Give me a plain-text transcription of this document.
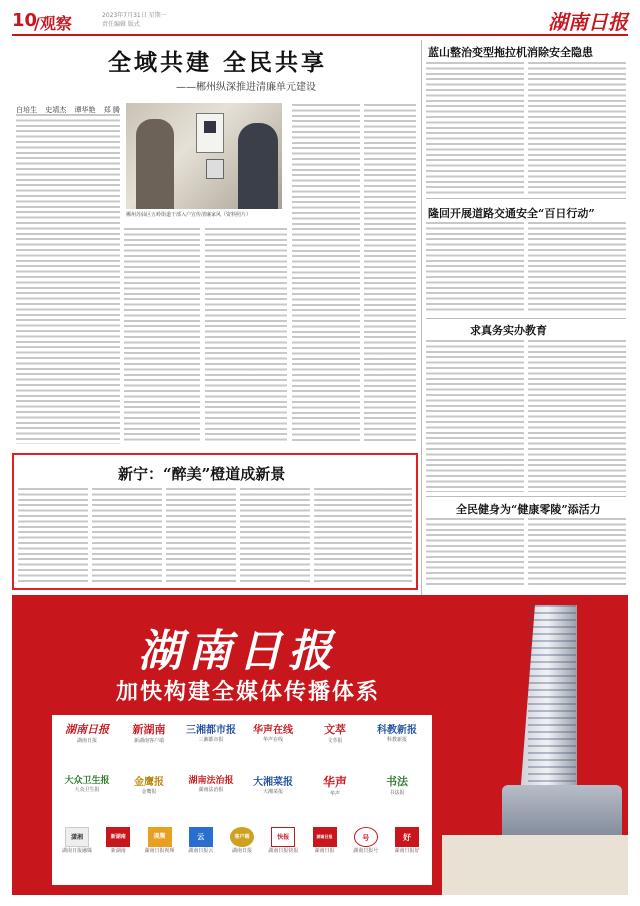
10
/观察	2023年7月31日 星期一
责任编辑 版式	湖南日报
全域共建 全民共享
——郴州纵深推进清廉单元建设
白培生 史靖杰 谭华艳 郑 腾
郴州苏仙区五岭街道干部入户宣传清廉家风（资料照片）
蓝山整治变型拖拉机消除安全隐患
隆回开展道路交通安全“百日行动”
求真务实办教育
全民健身为“健康零陵”添活力
新宁：“醉美”橙道成新景
湖南日报
加快构建全媒体传播体系
湖南日报
湖南日报
新湖南
新湖南客户端
三湘都市报
三湘都市报
华声在线
华声在线
文萃
文萃报
科教新报
科教新报
大众卫生报
大众卫生报
金鹰报
金鹰报
湖南法治报
湖南法治报
大湘菜报
大湘菜报
华声
华声
书法
书法报
潇湘
湖南日报融媒
新湖南
新湖南
视频
湖南日报视频
云
湖南日报云
客户端
湖南日报
快报
湖南日报快报
湖南日报
湖南日报
号
湖南日报号
好
湖南日报好
